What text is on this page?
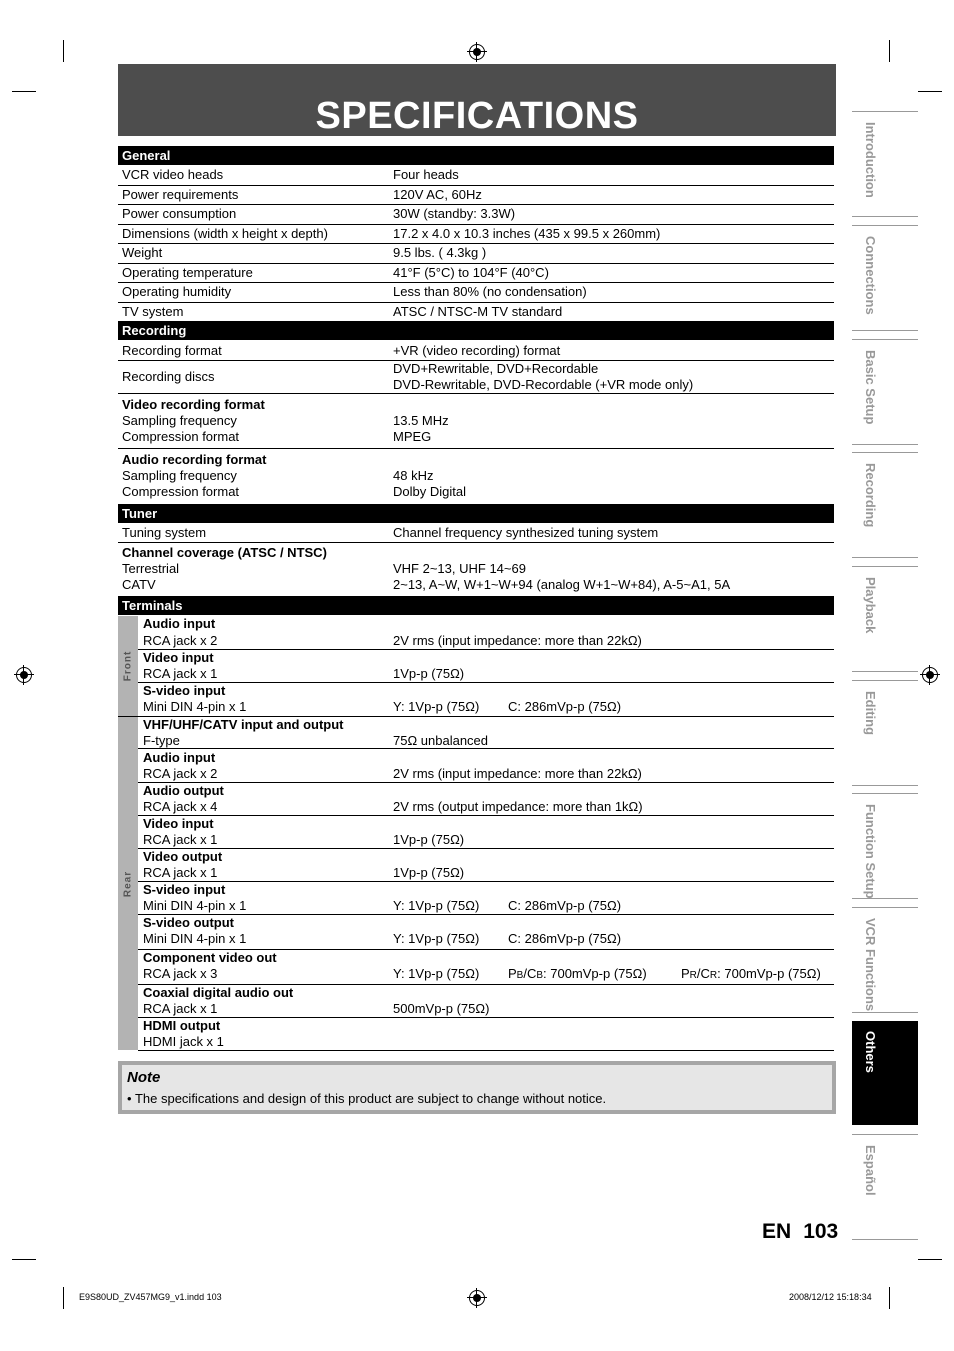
SPECIFICATIONS
General
VCR video heads	Four heads
Power requirements	120V AC, 60Hz
Power consumption	30W (standby: 3.3W)
Dimensions (width x height x depth)	17.2 x 4.0 x 10.3 inches (435 x 99.5 x 260mm)
Weight	9.5 lbs. ( 4.3kg )
Operating temperature	41°F (5°C) to 104°F (40°C)
Operating humidity	Less than 80% (no condensation)
TV system	ATSC / NTSC-M TV standard
Recording
Recording format	+VR (video recording) format
Recording discs
DVD+Rewritable, DVD+Recordable
DVD-Rewritable, DVD-Recordable (+VR mode only)
Video recording format
Sampling frequency	13.5 MHz
Compression format	MPEG
Audio recording format
Sampling frequency	48 kHz
Compression format	Dolby Digital
Tuner
Tuning system	Channel frequency synthesized tuning system
Channel coverage (ATSC / NTSC)
Terrestrial	VHF 2~13, UHF 14~69
CATV	2~13, A~W, W+1~W+94 (analog W+1~W+84), A-5~A1, 5A
Terminals
Front
Rear
Audio input
RCA jack x 2	2V rms (input impedance: more than 22kΩ)
Video input
RCA jack x 1	1Vp-p (75Ω)
S-video input
Mini DIN 4-pin x 1	Y: 1Vp-p (75Ω) C: 286mVp-p (75Ω)
VHF/UHF/CATV input and output
F-type	75Ω unbalanced
Audio input
RCA jack x 2	2V rms (input impedance: more than 22kΩ)
Audio output
RCA jack x 4	2V rms (output impedance: more than 1kΩ)
Video input
RCA jack x 1	1Vp-p (75Ω)
Video output
RCA jack x 1	1Vp-p (75Ω)
S-video input
Mini DIN 4-pin x 1	Y: 1Vp-p (75Ω) C: 286mVp-p (75Ω)
S-video output
Mini DIN 4-pin x 1	Y: 1Vp-p (75Ω) C: 286mVp-p (75Ω)
Component video out
RCA jack x 3	Y: 1Vp-p (75Ω) PB/CB: 700mVp-p (75Ω)	PR/CR: 700mVp-p (75Ω)
Coaxial digital audio out
RCA jack x 1	500mVp-p (75Ω)
HDMI output
HDMI jack x 1
Note
• The specifications and design of this product are subject to change without notice.
Introduction
Connections
Basic Setup
Recording
Playback
Editing
Function Setup
VCR Functions
Others
Español
EN 103
E9S80UD_ZV457MG9_v1.indd 103	2008/12/12 15:18:34
